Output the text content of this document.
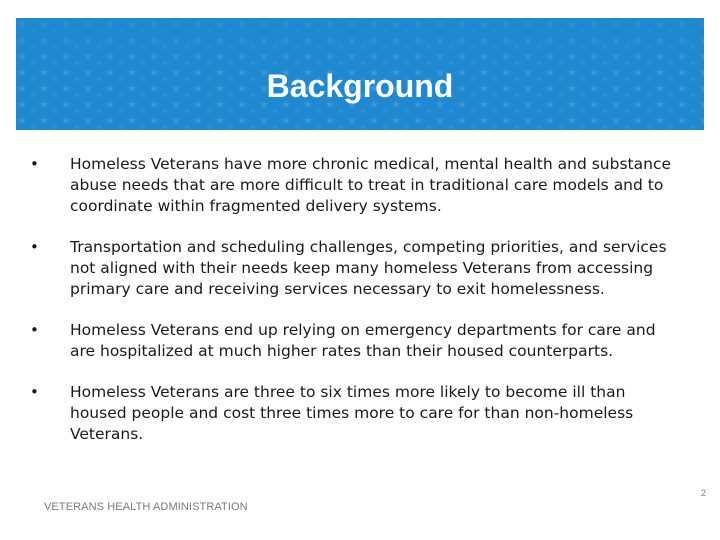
Background
• Homeless Veterans have more chronic medical, mental health and substance abuse needs that are more difficult to treat in traditional care models and to coordinate within fragmented delivery systems.
• Transportation and scheduling challenges, competing priorities, and services not aligned with their needs keep many homeless Veterans from accessing primary care and receiving services necessary to exit homelessness.
• Homeless Veterans end up relying on emergency departments for care and are hospitalized at much higher rates than their housed counterparts.
• Homeless Veterans are three to six times more likely to become ill than housed people and cost three times more to care for than non-homeless Veterans.
VETERANS HEALTH ADMINISTRATION
2
